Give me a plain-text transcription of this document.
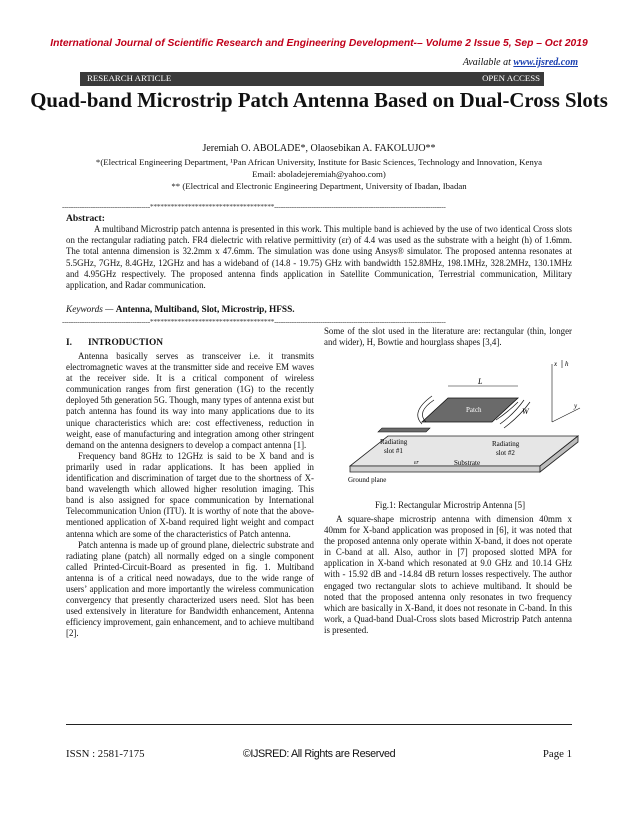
International Journal of Scientific Research and Engineering Development-– Volume 2 Issue 5, Sep – Oct 2019
Available at www.ijsred.com
RESEARCH ARTICLE	OPEN ACCESS
Quad-band Microstrip Patch Antenna Based on Dual-Cross Slots
Jeremiah O. ABOLADE*, Olaosebikan A. FAKOLUJO**
*(Electrical Engineering Department, ¹Pan African University, Institute for Basic Sciences, Technology and Innovation, Kenya
Email: aboladejeremiah@yahoo.com)
** (Electrical and Electronic Engineering Department, University of Ibadan, Ibadan
----------------------------------------************************************------------------------------------------------------------------------------
Abstract:
A multiband Microstrip patch antenna is presented in this work. This multiple band is achieved by the use of two identical Cross slots on the rectangular radiating patch. FR4 dielectric with relative permittivity (εr) of 4.4 was used as the substrate with a height (h) of 1.6mm. The total antenna dimension is 32.2mm x 47.6mm. The simulation was done using Ansys® simulator. The proposed antenna resonates at 5.5GHz, 7GHz, 8.4GHz, 12GHz and has a wideband of (14.8 - 19.75) GHz with bandwidth 152.8MHz, 198.1MHz, 328.2MHz, 130.1MHz and 4.95GHz respectively. The proposed antenna finds application in Satellite Communication, Terrestrial communication, Military application, and Radar communication.
Keywords — Antenna, Multiband, Slot, Microstrip, HFSS.
----------------------------------------************************************------------------------------------------------------------------------------
I. INTRODUCTION

Antenna basically serves as transceiver i.e. it transmits electromagnetic waves at the transmitter side and receive EM waves at the receiver side. It is a critical component of wireless communication ranges from first generation (1G) to the recently deployed 5th generation 5G. Though, many types of antenna exist but patch antenna has found its way into many applications due to its unique characteristics which are: cost effectiveness, reduction in weight, ease of manufacturing and integration among other stringent demand on the antenna designers to develop a compact antenna [1].

Frequency band 8GHz to 12GHz is said to be X band and is primarily used in radar applications. It has been applied in identification and discrimination of target due to the shortness of X-band wavelength which allowed higher resolution imaging. This band is also assigned for space communication by International Telecommunication Union (ITU). It is worthy of note that the above-mentioned application of X-band required light weight and compact antenna which are some of the characteristics of Patch antenna.

Patch antenna is made up of ground plane, dielectric substrate and radiating plane (patch) all normally edged on a single component called Printed-Circuit-Board as presented in fig. 1. Multiband antenna is of a critical need nowadays, due to the wide range of users’ application and more importantly the wireless communication convergency that presently characterized users need. Slot has been used extensively in literature for Bandwidth enhancement, Antenna efficiency improvement, gain enhancement, and to achieve multiband [2].

Some of the slot used in the literature are: rectangular (thin, longer and wider), H, Bowtie and hourglass shapes [3,4].

L
W
x
y
h
Patch
Radiating
slot #1
Radiating
slot #2
εr	Substrate
Ground plane
Fig.1: Rectangular Microstrip Antenna [5]

A square-shape microstrip antenna with dimension 40mm x 40mm for X-band application was proposed in [6], it was noted that the proposed antenna only operate within X-band, it does not operate in C-band at all. Also, author in [7] proposed slotted MPA for application in X-band which resonated at 9.0 GHz and 10.14 GHz with - 15.92 dB and -14.84 dB return losses respectively. The author engaged two rectangular slots to achieve multiband. It should be noted that the proposed antenna only resonates in two frequency which are basically in X-Band, it does not resonate in C-band. In this work, a Quad-band Dual-Cross slots based Microstrip Patch antenna is presented.

ISSN : 2581-7175	©IJSRED: All Rights are Reserved	Page 1
